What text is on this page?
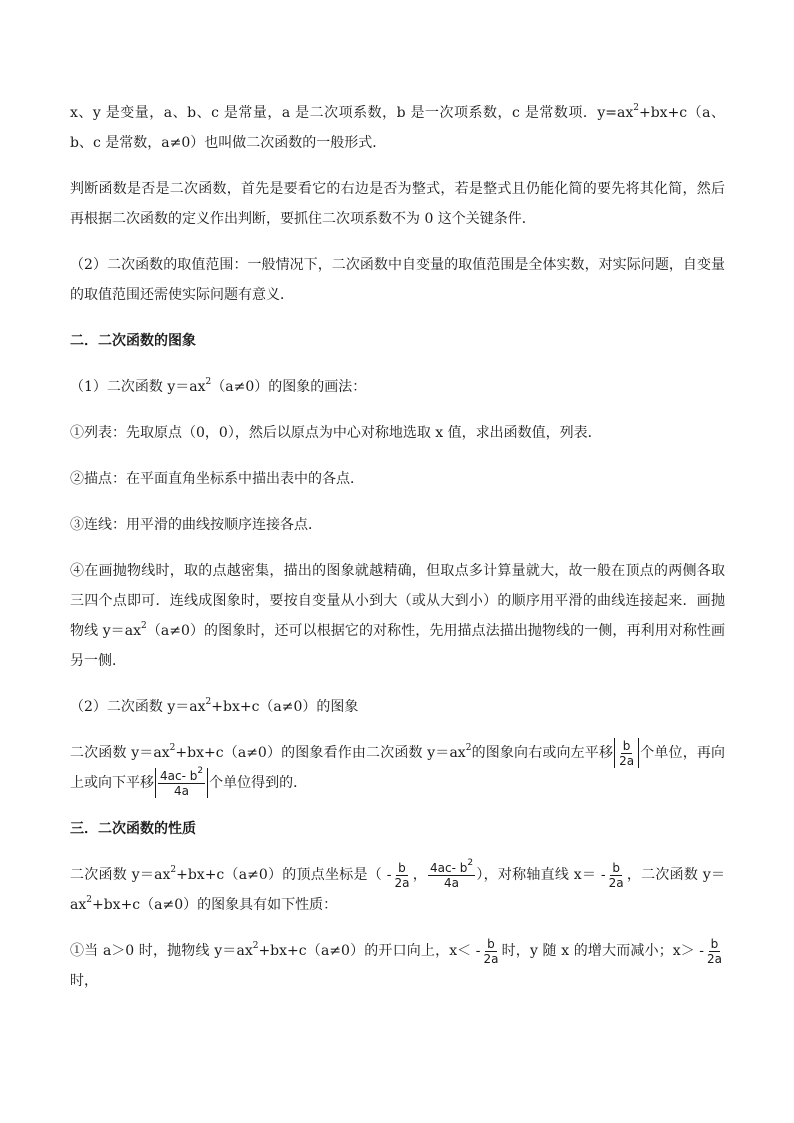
x、y 是变量，a、b、c 是常量，a 是二次项系数，b 是一次项系数，c 是常数项．$y=ax^2+bx+c(a$、b、c 是常数，a≠0）也叫做二次函数的一般形式．

判断函数是否是二次函数，首先是要看它的右边是否为整式，若是整式且仍能化简的要先将其化简，然后再根据二次函数的定义作出判断，要抓住二次项系数不为 0 这个关键条件．

（2）二次函数的取值范围：一般情况下，二次函数中自变量的取值范围是全体实数，对实际问题，自变量的取值范围还需使实际问题有意义．

二．二次函数的图象

（1）二次函数 $y=ax^2(a\ne 0)$的图象的画法：

①列表：先取原点（0，0），然后以原点为中心对称地选取 x 值，求出函数值，列表．

②描点：在平面直角坐标系中描出表中的各点．

③连线：用平滑的曲线按顺序连接各点．

④在画抛物线时，取的点越密集，描出的图象就越精确，但取点多计算量就大，故一般在顶点的两侧各取三四个点即可．连线成图象时，要按自变量从小到大（或从大到小）的顺序用平滑的曲线连接起来．画抛物线 $y=ax^2(a\ne 0)$的图象时，还可以根据它的对称性，先用描点法描出抛物线的一侧，再利用对称性画另一侧．

（2）二次函数 $y=ax^2+bx+c(a\ne 0)$的图象

二次函数 $y=ax^2+bx+c(a\ne 0)$的图象看作由二次函数 $y=ax^2$的图象向右或向左平移 $\frac{b}{2a}$ 个单位，再向上或向下平移 $\frac{4ac- b^2}{4a}$ 个单位得到的．

三．二次函数的性质

二次函数 $y=ax^2+bx+c(a\ne 0)$的顶点坐标是（ - $\frac{b}{2a}$ ， $\frac{4ac- b^2}{4a}$ ），对称轴直线 $x= - \frac{b}{2a}$ ，二次函数 $y=ax^2+bx+c(a\ne 0)$的图象具有如下性质：

①当 a＞0 时，抛物线 $y=ax^2+bx+c(a\ne 0)$的开口向上，$x< - \frac{b}{2a}$ 时，y 随 x 的增大而减小；$x> - \frac{b}{2a}$
时，
